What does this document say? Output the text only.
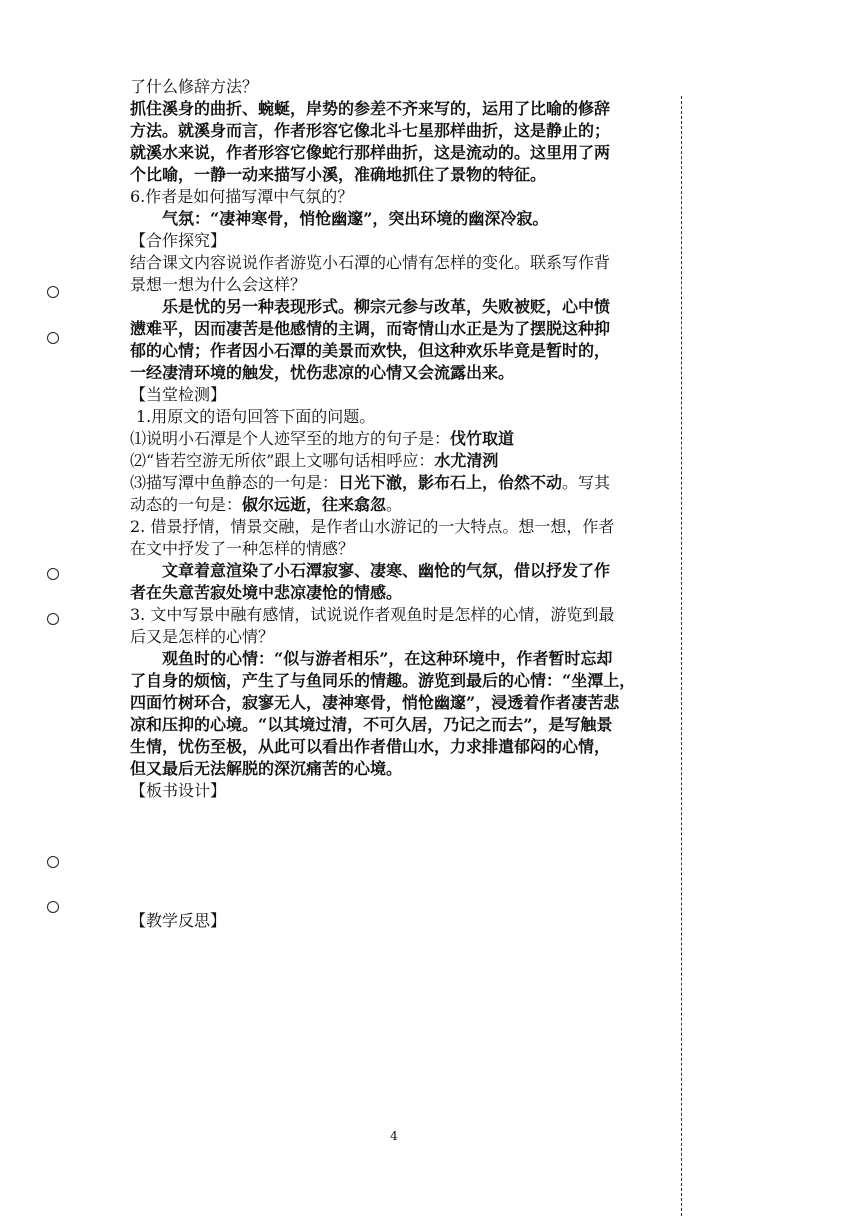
了什么修辞方法？
抓住溪身的曲折、蜿蜒，岸势的参差不齐来写的，运用了比喻的修辞
方法。就溪身而言，作者形容它像北斗七星那样曲折，这是静止的；
就溪水来说，作者形容它像蛇行那样曲折，这是流动的。这里用了两
个比喻，一静一动来描写小溪，准确地抓住了景物的特征。
6.作者是如何描写潭中气氛的？
气氛：“凄神寒骨，悄怆幽邃”，突出环境的幽深冷寂。
【合作探究】
结合课文内容说说作者游览小石潭的心情有怎样的变化。联系写作背
景想一想为什么会这样？
乐是忧的另一种表现形式。柳宗元参与改革，失败被贬，心中愤
懑难平，因而凄苦是他感情的主调，而寄情山水正是为了摆脱这种抑
郁的心情；作者因小石潭的美景而欢快，但这种欢乐毕竟是暂时的，
一经凄清环境的触发，忧伤悲凉的心情又会流露出来。
【当堂检测】
1.用原文的语句回答下面的问题。
⑴说明小石潭是个人迹罕至的地方的句子是：伐竹取道
⑵“皆若空游无所依”跟上文哪句话相呼应：水尤清洌
⑶描写潭中鱼静态的一句是：日光下澈，影布石上，佁然不动。写其
动态的一句是：俶尔远逝，往来翕忽。
2. 借景抒情，情景交融，是作者山水游记的一大特点。想一想，作者
在文中抒发了一种怎样的情感？
文章着意渲染了小石潭寂寥、凄寒、幽怆的气氛，借以抒发了作
者在失意苦寂处境中悲凉凄怆的情感。
3. 文中写景中融有感情，试说说作者观鱼时是怎样的心情，游览到最
后又是怎样的心情？
观鱼时的心情：“似与游者相乐”，在这种环境中，作者暂时忘却
了自身的烦恼，产生了与鱼同乐的情趣。游览到最后的心情：“坐潭上，
四面竹树环合，寂寥无人，凄神寒骨，悄怆幽邃”，浸透着作者凄苦悲
凉和压抑的心境。“以其境过清，不可久居，乃记之而去”，是写触景
生情，忧伤至极，从此可以看出作者借山水，力求排遣郁闷的心情，
但又最后无法解脱的深沉痛苦的心境。
【板书设计】
【教学反思】
4
